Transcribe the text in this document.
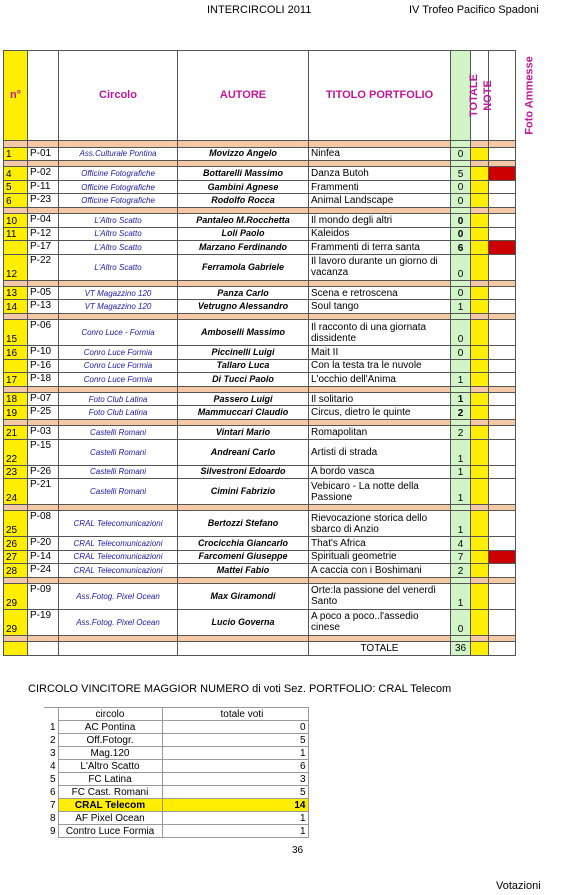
INTERCIRCOLI 2011	IV Trofeo Pacifico Spadoni
n°		Circolo	AUTORE	TITOLO PORTFOLIO	TOTALE	NOTE	Foto Ammesse

1	P-01	Ass.Culturale Pontina	Movizzo Angelo	Ninfea	0		

4	P-02	Officine Fotografiche	Bottarelli Massimo	Danza Butoh	5		
5	P-11	Officine Fotografiche	Gambini Agnese	Frammenti	0		
6	P-23	Officine Fotografiche	Rodolfo Rocca	Animal Landscape	0		

10	P-04	L'Altro Scatto	Pantaleo M.Rocchetta	Il mondo degli altri	0		
11	P-12	L'Altro Scatto	Loli Paolo	Kaleidos	0		
	P-17	L'Altro Scatto	Marzano Ferdinando	Frammenti di terra santa	6		
12	P-22	L'Altro Scatto	Ferramola Gabriele	Il lavoro durante un giorno di vacanza	0		

13	P-05	VT Magazzino 120	Panza Carlo	Scena e retroscena	0		
14	P-13	VT Magazzino 120	Vetrugno Alessandro	Soul tango	1		

15	P-06	Conro Luce - Formia	Amboselli Massimo	Il racconto di una giornata dissidente	0		
16	P-10	Conro Luce Formia	Piccinelli Luigi	Mait II	0		
	P-16	Conro Luce Formia	Tallaro Luca	Con la testa tra le nuvole			
17	P-18	Conro Luce Formia	Di Tucci Paolo	L'occhio dell'Anima	1		

18	P-07	Foto Club Latina	Passero Luigi	Il solitario	1		
19	P-25	Foto Club Latina	Mammuccari Claudio	Circus, dietro le quinte	2		

21	P-03	Castelli Romani	Vintari Mario	Romapolitan	2		
22	P-15	Castelli Romani	Andreani Carlo	Artisti di strada	1		
23	P-26	Castelli Romani	Silvestroni Edoardo	A bordo vasca	1		
24	P-21	Castelli Romani	Cimini Fabrizio	Vebicaro - La notte della Passione	1		

25	P-08	CRAL Telecomunicazioni	Bertozzi Stefano	Rievocazione storica dello sbarco di Anzio	1		
26	P-20	CRAL Telecomunicazioni	Crocicchia Giancarlo	That's Africa	4		
27	P-14	CRAL Telecomunicazioni	Farcomeni Giuseppe	Spirituali geometrie	7		
28	P-24	CRAL Telecomunicazioni	Mattei Fabio	A caccia con i Boshimani	2		

29	P-09	Ass.Fotog. Pixel Ocean	Max Giramondi	Orte:la passione del venerdì Santo	1		
29	P-19	Ass.Fotog. Pixel Ocean	Lucio Governa	A poco a poco..l'assedio cinese	0		

				TOTALE	36		
CIRCOLO VINCITORE MAGGIOR NUMERO di voti Sez. PORTFOLIO: CRAL Telecom
	circolo	totale voti
1	AC Pontina	0
2	Off.Fotogr.	5
3	Mag.120	1
4	L'Altro Scatto	6
5	FC Latina	3
6	FC Cast. Romani	5
7	CRAL Telecom	14
8	AF Pixel Ocean	1
9	Contro Luce Formia	1
36
Votazioni
